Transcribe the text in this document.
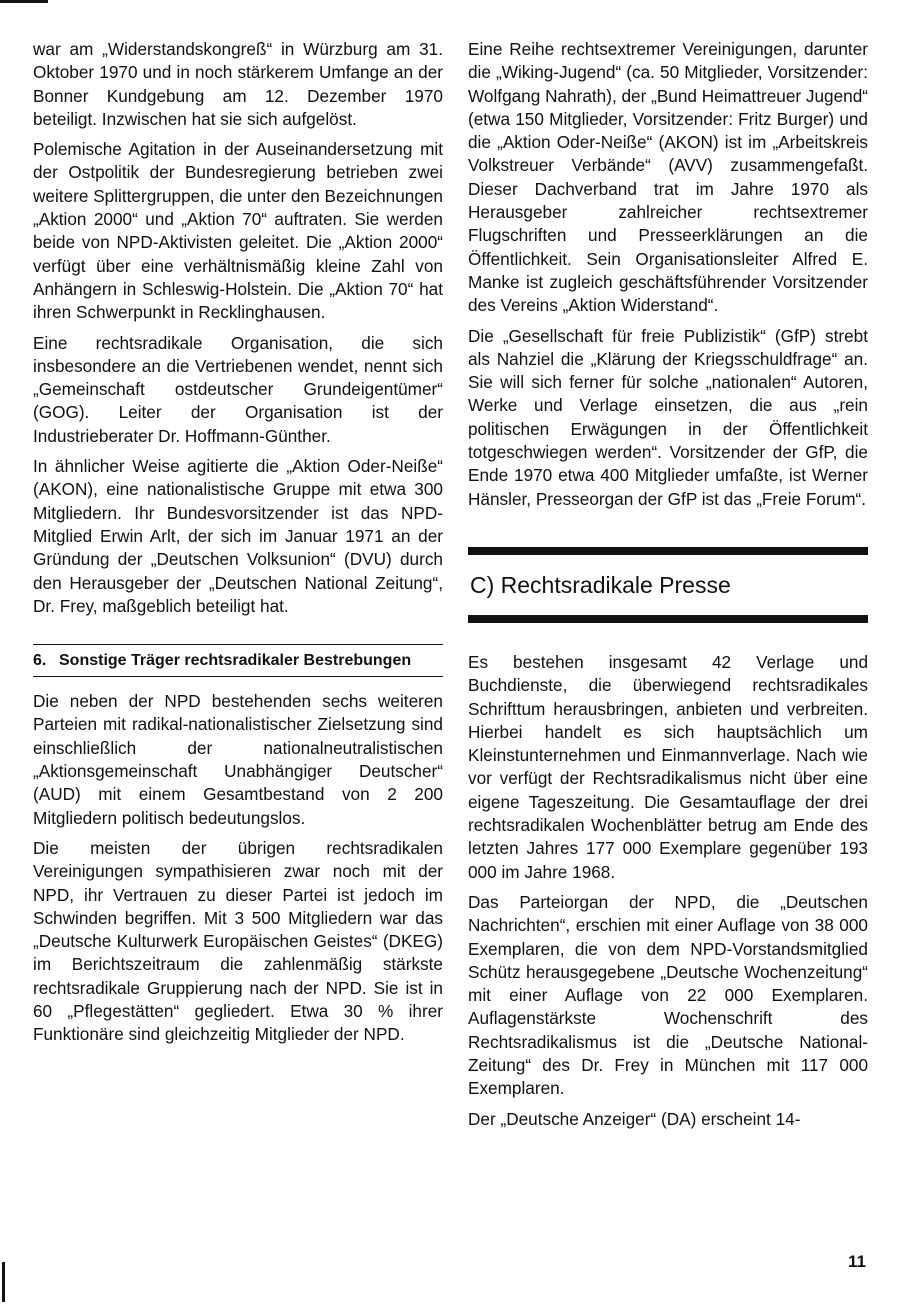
war am „Widerstandskongreß“ in Würzburg am 31. Oktober 1970 und in noch stärkerem Umfange an der Bonner Kundgebung am 12. Dezember 1970 beteiligt. Inzwischen hat sie sich aufgelöst.

Polemische Agitation in der Auseinandersetzung mit der Ostpolitik der Bundesregierung betrieben zwei weitere Splittergruppen, die unter den Bezeichnungen „Aktion 2000“ und „Aktion 70“ auftraten. Sie werden beide von NPD-Aktivisten geleitet. Die „Aktion 2000“ verfügt über eine verhältnismäßig kleine Zahl von Anhängern in Schleswig-Holstein. Die „Aktion 70“ hat ihren Schwerpunkt in Recklinghausen.

Eine rechtsradikale Organisation, die sich insbesondere an die Vertriebenen wendet, nennt sich „Gemeinschaft ostdeutscher Grundeigentümer“ (GOG). Leiter der Organisation ist der Industrieberater Dr. Hoffmann-Günther.

In ähnlicher Weise agitierte die „Aktion Oder-Neiße“ (AKON), eine nationalistische Gruppe mit etwa 300 Mitgliedern. Ihr Bundesvorsitzender ist das NPD-Mitglied Erwin Arlt, der sich im Januar 1971 an der Gründung der „Deutschen Volksunion“ (DVU) durch den Herausgeber der „Deutschen National Zeitung“, Dr. Frey, maßgeblich beteiligt hat.

6. Sonstige Träger rechtsradikaler Bestrebungen

Die neben der NPD bestehenden sechs weiteren Parteien mit radikal-nationalistischer Zielsetzung sind einschließlich der nationalneutralistischen „Aktionsgemeinschaft Unabhängiger Deutscher“ (AUD) mit einem Gesamtbestand von 2 200 Mitgliedern politisch bedeutungslos.

Die meisten der übrigen rechtsradikalen Vereinigungen sympathisieren zwar noch mit der NPD, ihr Vertrauen zu dieser Partei ist jedoch im Schwinden begriffen. Mit 3 500 Mitgliedern war das „Deutsche Kulturwerk Europäischen Geistes“ (DKEG) im Berichtszeitraum die zahlenmäßig stärkste rechtsradikale Gruppierung nach der NPD. Sie ist in 60 „Pflegestätten“ gegliedert. Etwa 30 % ihrer Funktionäre sind gleichzeitig Mitglieder der NPD.

Eine Reihe rechtsextremer Vereinigungen, darunter die „Wiking-Jugend“ (ca. 50 Mitglieder, Vorsitzender: Wolfgang Nahrath), der „Bund Heimattreuer Jugend“ (etwa 150 Mitglieder, Vorsitzender: Fritz Burger) und die „Aktion Oder-Neiße“ (AKON) ist im „Arbeitskreis Volkstreuer Verbände“ (AVV) zusammengefaßt. Dieser Dachverband trat im Jahre 1970 als Herausgeber zahlreicher rechtsextremer Flugschriften und Presseerklärungen an die Öffentlichkeit. Sein Organisationsleiter Alfred E. Manke ist zugleich geschäftsführender Vorsitzender des Vereins „Aktion Widerstand“.

Die „Gesellschaft für freie Publizistik“ (GfP) strebt als Nahziel die „Klärung der Kriegsschuldfrage“ an. Sie will sich ferner für solche „nationalen“ Autoren, Werke und Verlage einsetzen, die aus „rein politischen Erwägungen in der Öffentlichkeit totgeschwiegen werden“. Vorsitzender der GfP, die Ende 1970 etwa 400 Mitglieder umfaßte, ist Werner Hänsler, Presseorgan der GfP ist das „Freie Forum“.

C) Rechtsradikale Presse

Es bestehen insgesamt 42 Verlage und Buchdienste, die überwiegend rechtsradikales Schrifttum herausbringen, anbieten und verbreiten. Hierbei handelt es sich hauptsächlich um Kleinstunternehmen und Einmannverlage. Nach wie vor verfügt der Rechtsradikalismus nicht über eine eigene Tageszeitung. Die Gesamtauflage der drei rechtsradikalen Wochenblätter betrug am Ende des letzten Jahres 177 000 Exemplare gegenüber 193 000 im Jahre 1968.

Das Parteiorgan der NPD, die „Deutschen Nachrichten“, erschien mit einer Auflage von 38 000 Exemplaren, die von dem NPD-Vorstandsmitglied Schütz herausgegebene „Deutsche Wochenzeitung“ mit einer Auflage von 22 000 Exemplaren. Auflagenstärkste Wochenschrift des Rechtsradikalismus ist die „Deutsche National-Zeitung“ des Dr. Frey in München mit 117 000 Exemplaren.

Der „Deutsche Anzeiger“ (DA) erscheint 14-

11
